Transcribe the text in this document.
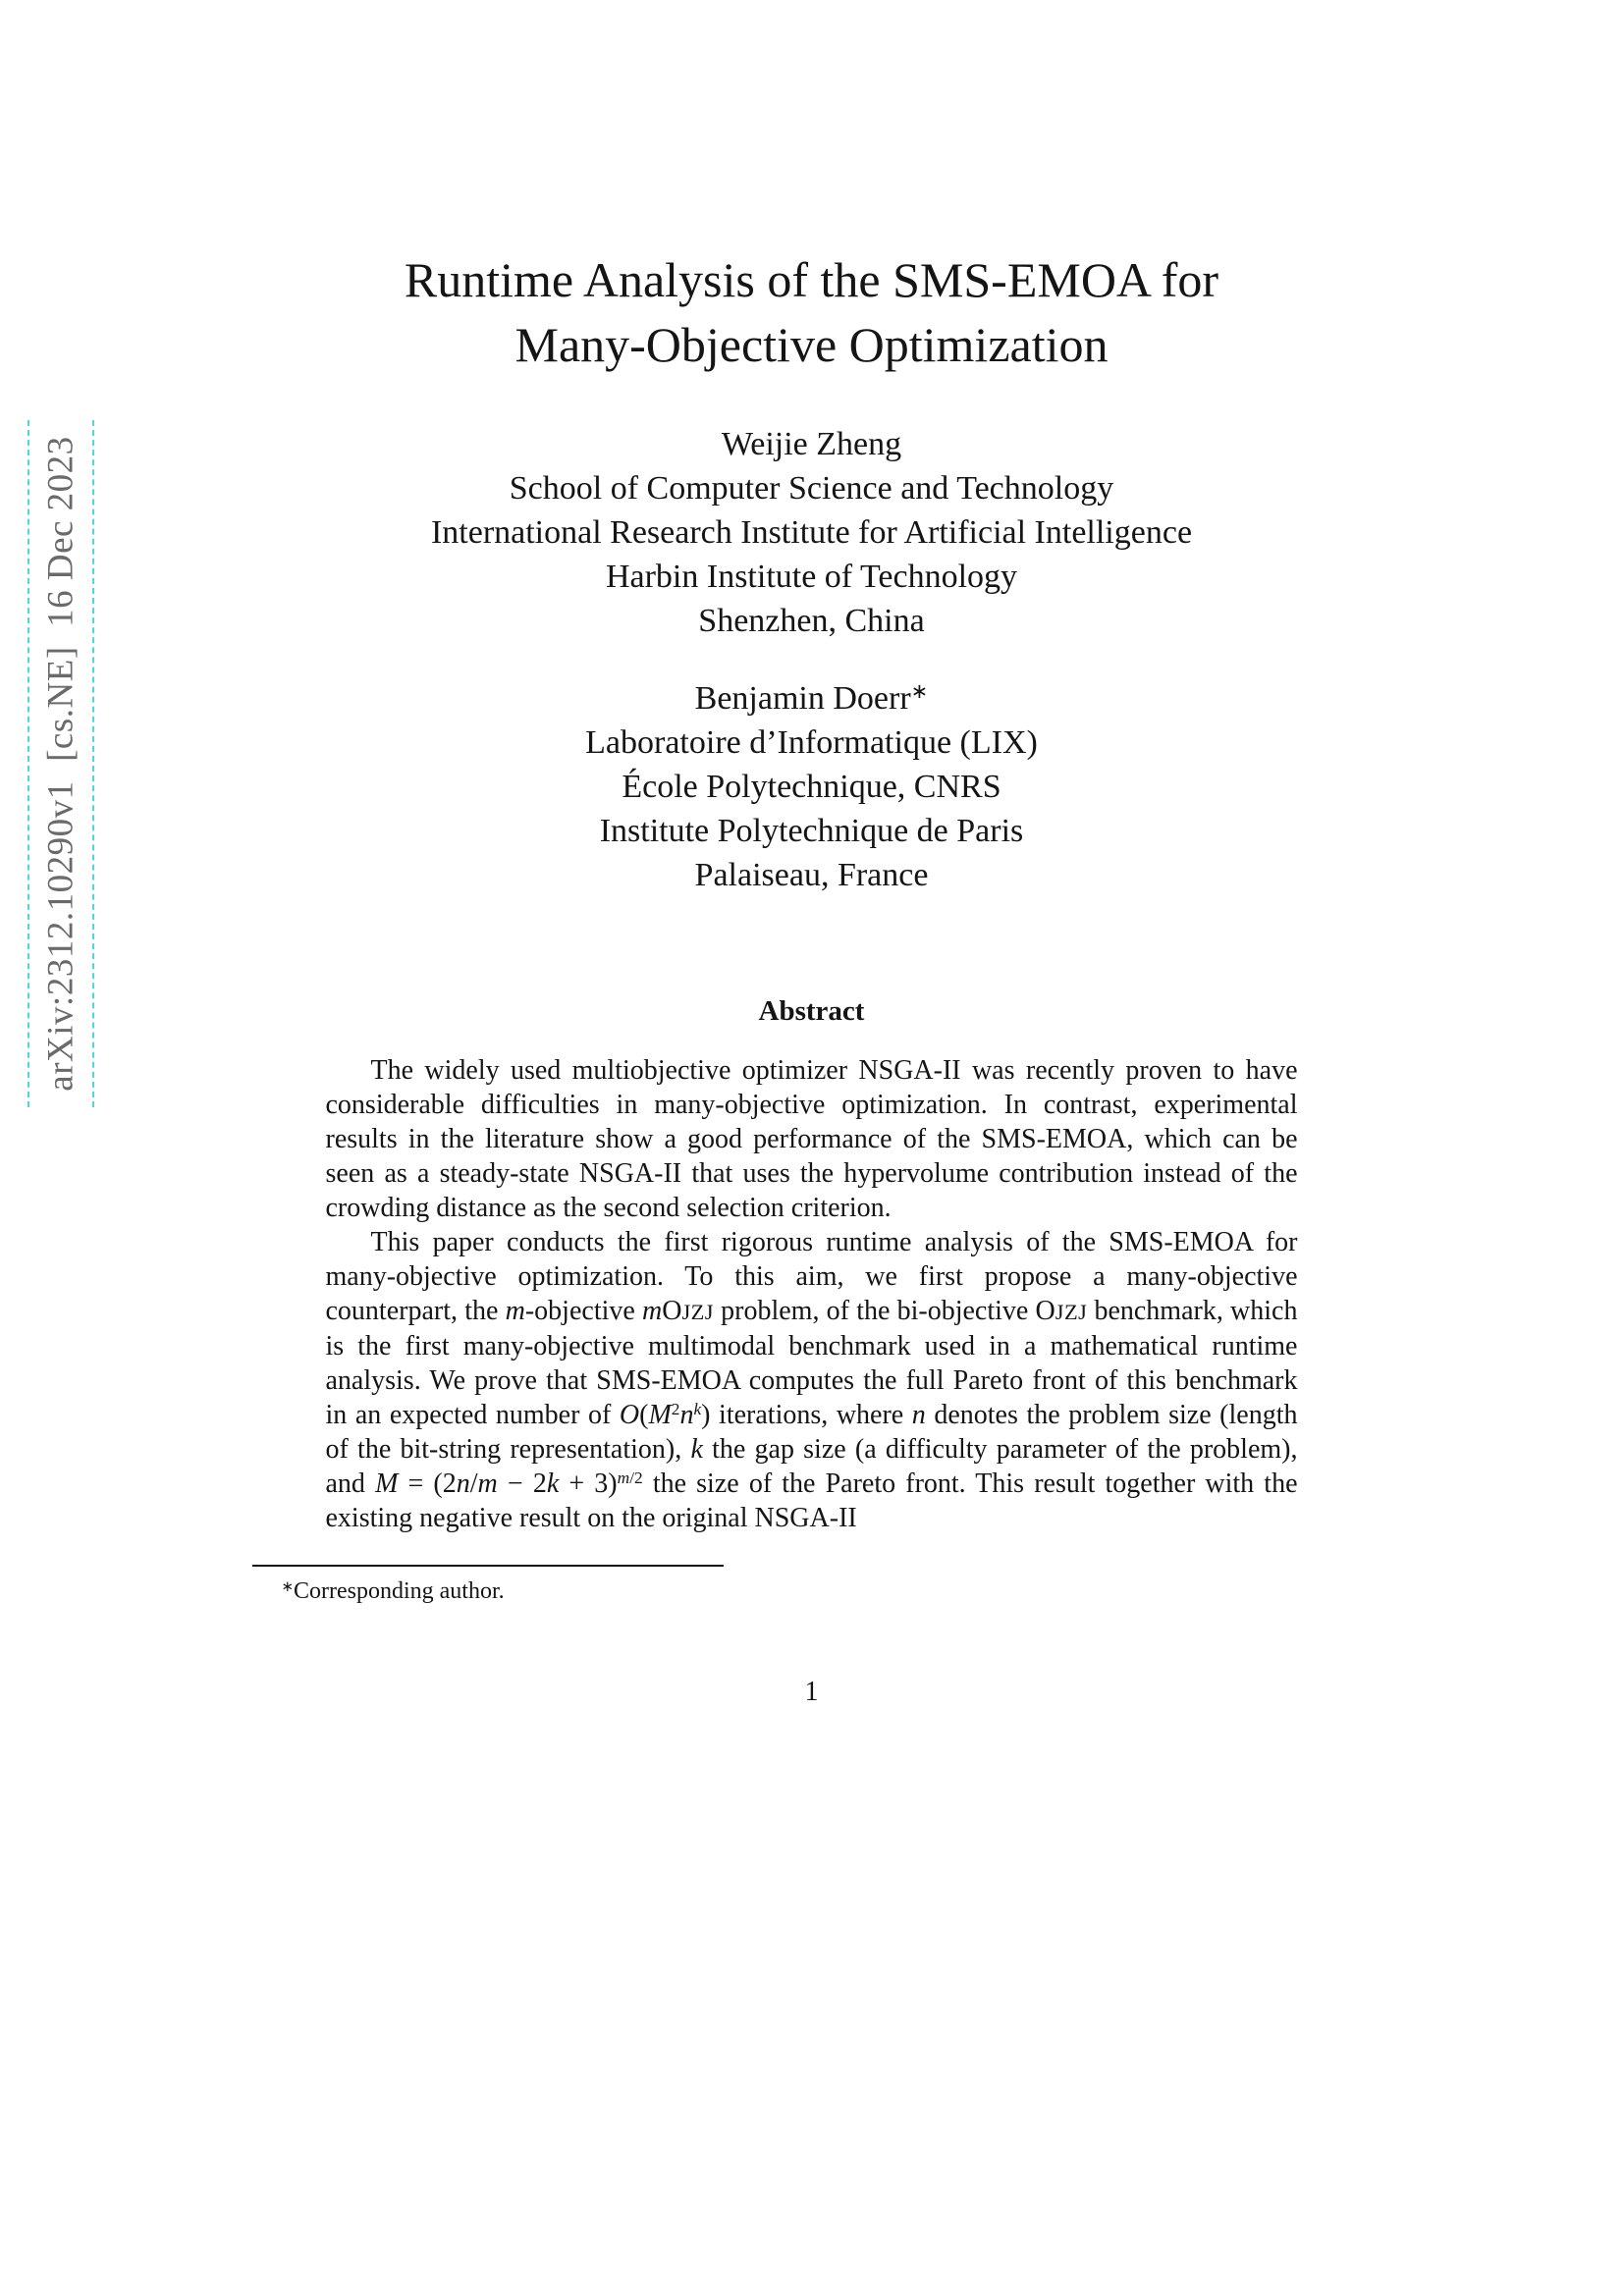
arXiv:2312.10290v1  [cs.NE]  16 Dec 2023
Runtime Analysis of the SMS-EMOA for
Many-Objective Optimization
Weijie Zheng
School of Computer Science and Technology
International Research Institute for Artificial Intelligence
Harbin Institute of Technology
Shenzhen, China
Benjamin Doerr∗
Laboratoire d’Informatique (LIX)
École Polytechnique, CNRS
Institute Polytechnique de Paris
Palaiseau, France
Abstract

The widely used multiobjective optimizer NSGA-II was recently proven to have considerable difficulties in many-objective optimization. In contrast, experimental results in the literature show a good performance of the SMS-EMOA, which can be seen as a steady-state NSGA-II that uses the hypervolume contribution instead of the crowding distance as the second selection criterion.

This paper conducts the first rigorous runtime analysis of the SMS-EMOA for many-objective optimization. To this aim, we first propose a many-objective counterpart, the m-objective mOJZJ problem, of the bi-objective OJZJ benchmark, which is the first many-objective multimodal benchmark used in a mathematical runtime analysis. We prove that SMS-EMOA computes the full Pareto front of this benchmark in an expected number of $O(M^2n^k)$ iterations, where n denotes the problem size (length of the bit-string representation), k the gap size (a difficulty parameter of the problem), and $M = (2n/m - 2k + 3)^{m/2}$ the size of the Pareto front. This result together with the existing negative result on the original NSGA-II

∗Corresponding author.
1
